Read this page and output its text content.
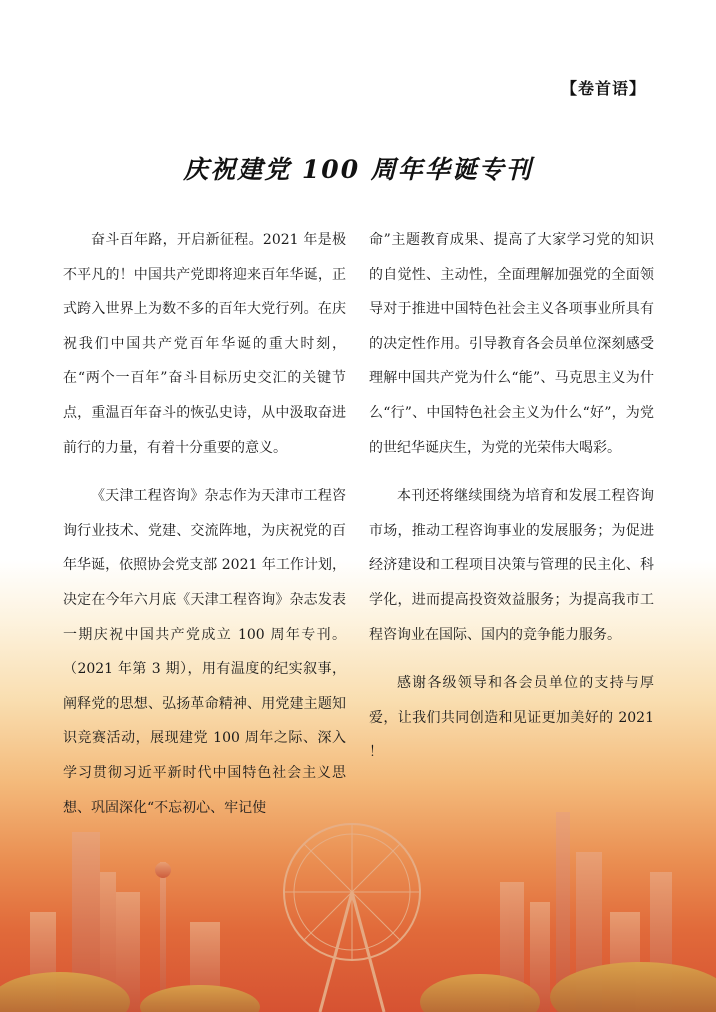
【卷首语】
庆祝建党 100 周年华诞专刊

奋斗百年路，开启新征程。2021 年是极不平凡的！中国共产党即将迎来百年华诞，正式跨入世界上为数不多的百年大党行列。在庆祝我们中国共产党百年华诞的重大时刻，在“两个一百年”奋斗目标历史交汇的关键节点，重温百年奋斗的恢弘史诗，从中汲取奋进前行的力量，有着十分重要的意义。

《天津工程咨询》杂志作为天津市工程咨询行业技术、党建、交流阵地，为庆祝党的百年华诞，依照协会党支部 2021 年工作计划，决定在今年六月底《天津工程咨询》杂志发表一期庆祝中国共产党成立 100 周年专刊。（2021 年第 3 期），用有温度的纪实叙事，阐释党的思想、弘扬革命精神、用党建主题知识竞赛活动，展现建党 100 周年之际、深入学习贯彻习近平新时代中国特色社会主义思想、巩固深化“不忘初心、牢记使

命”主题教育成果、提高了大家学习党的知识的自觉性、主动性，全面理解加强党的全面领导对于推进中国特色社会主义各项事业所具有的决定性作用。引导教育各会员单位深刻感受理解中国共产党为什么“能”、马克思主义为什么“行”、中国特色社会主义为什么“好”，为党的世纪华诞庆生，为党的光荣伟大喝彩。

本刊还将继续围绕为培育和发展工程咨询市场，推动工程咨询事业的发展服务；为促进经济建设和工程项目决策与管理的民主化、科学化，进而提高投资效益服务；为提高我市工程咨询业在国际、国内的竞争能力服务。

感谢各级领导和各会员单位的支持与厚爱，让我们共同创造和见证更加美好的 2021 ！
